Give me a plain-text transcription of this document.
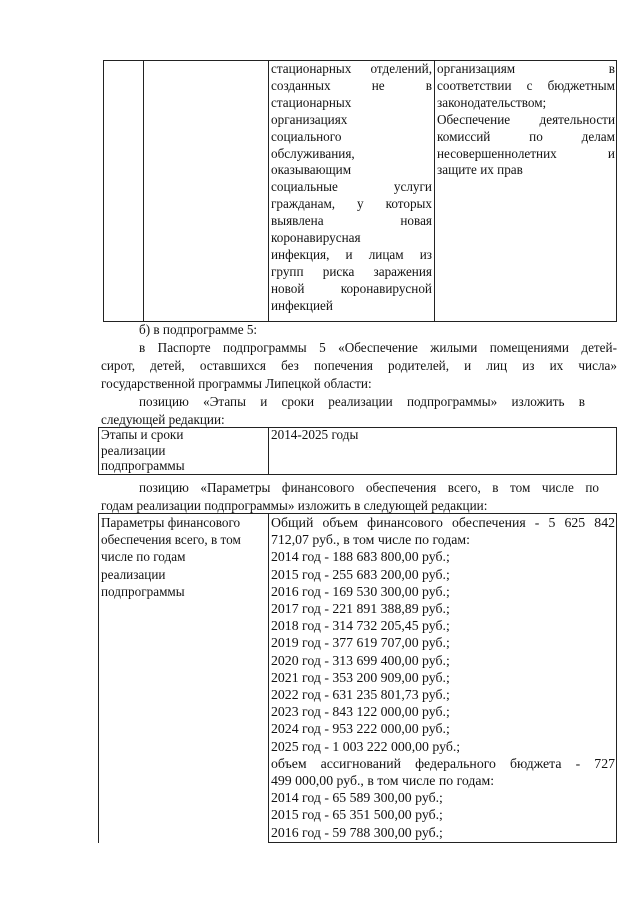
стационарных отделений,
созданных не в
стационарных
организациях
социального
обслуживания,
оказывающим
социальные услуги
гражданам, у которых
выявлена новая
коронавирусная
инфекция, и лицам из
групп риска заражения
новой коронавирусной
инфекцией
организациям в
соответствии с бюджетным
законодательством;
Обеспечение деятельности
комиссий по делам
несовершеннолетних и
защите их прав
б) в подпрограмме 5:
в Паспорте подпрограммы 5 «Обеспечение жилыми помещениями детей-
сирот, детей, оставшихся без попечения родителей, и лиц из их числа»
государственной программы Липецкой области:
позицию «Этапы и сроки реализации подпрограммы» изложить в
следующей редакции:
Этапы и сроки
реализации
подпрограммы
2014-2025 годы
позицию «Параметры финансового обеспечения всего, в том числе по
годам реализации подпрограммы» изложить в следующей редакции:
Параметры финансового
обеспечения всего, в том
числе по годам
реализации
подпрограммы
Общий объем финансового обеспечения - 5 625 842
712,07 руб., в том числе по годам:
2014 год - 188 683 800,00 руб.;
2015 год - 255 683 200,00 руб.;
2016 год - 169 530 300,00 руб.;
2017 год - 221 891 388,89 руб.;
2018 год - 314 732 205,45 руб.;
2019 год - 377 619 707,00 руб.;
2020 год - 313 699 400,00 руб.;
2021 год - 353 200 909,00 руб.;
2022 год - 631 235 801,73 руб.;
2023 год - 843 122 000,00 руб.;
2024 год - 953 222 000,00 руб.;
2025 год - 1 003 222 000,00 руб.;
объем ассигнований федерального бюджета - 727
499 000,00 руб., в том числе по годам:
2014 год - 65 589 300,00 руб.;
2015 год - 65 351 500,00 руб.;
2016 год - 59 788 300,00 руб.;
